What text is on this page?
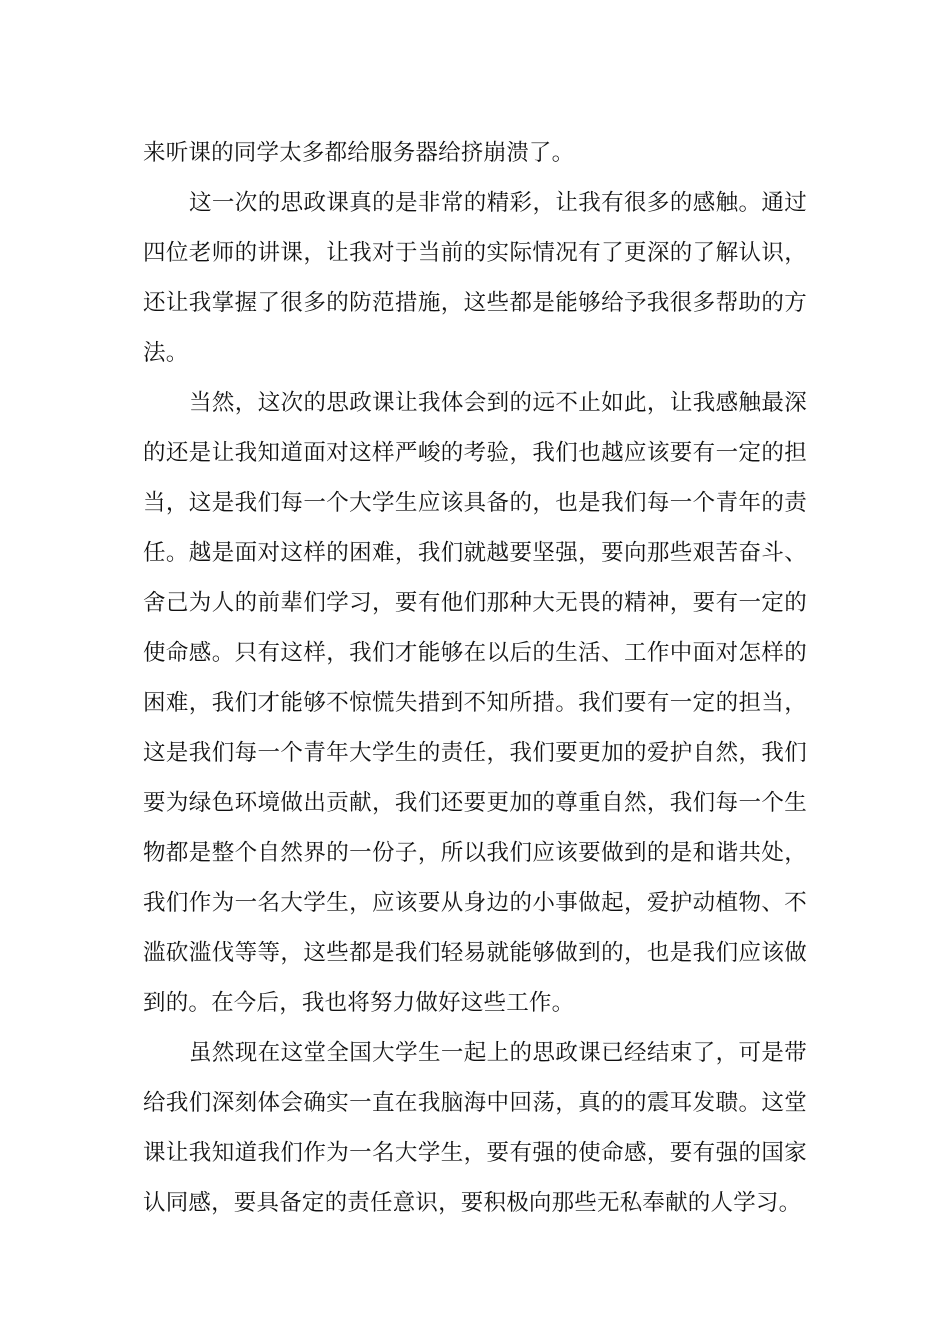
来听课的同学太多都给服务器给挤崩溃了。

这一次的思政课真的是非常的精彩，让我有很多的感触。通过四位老师的讲课，让我对于当前的实际情况有了更深的了解认识，还让我掌握了很多的防范措施，这些都是能够给予我很多帮助的方法。

当然，这次的思政课让我体会到的远不止如此，让我感触最深的还是让我知道面对这样严峻的考验，我们也越应该要有一定的担当，这是我们每一个大学生应该具备的，也是我们每一个青年的责任。越是面对这样的困难，我们就越要坚强，要向那些艰苦奋斗、舍己为人的前辈们学习，要有他们那种大无畏的精神，要有一定的使命感。只有这样，我们才能够在以后的生活、工作中面对怎样的困难，我们才能够不惊慌失措到不知所措。我们要有一定的担当，这是我们每一个青年大学生的责任，我们要更加的爱护自然，我们要为绿色环境做出贡献，我们还要更加的尊重自然，我们每一个生物都是整个自然界的一份子，所以我们应该要做到的是和谐共处，我们作为一名大学生，应该要从身边的小事做起，爱护动植物、不滥砍滥伐等等，这些都是我们轻易就能够做到的，也是我们应该做到的。在今后，我也将努力做好这些工作。

虽然现在这堂全国大学生一起上的思政课已经结束了，可是带给我们深刻体会确实一直在我脑海中回荡，真的的震耳发聩。这堂课让我知道我们作为一名大学生，要有强的使命感，要有强的国家认同感，要具备定的责任意识，要积极向那些无私奉献的人学习。
